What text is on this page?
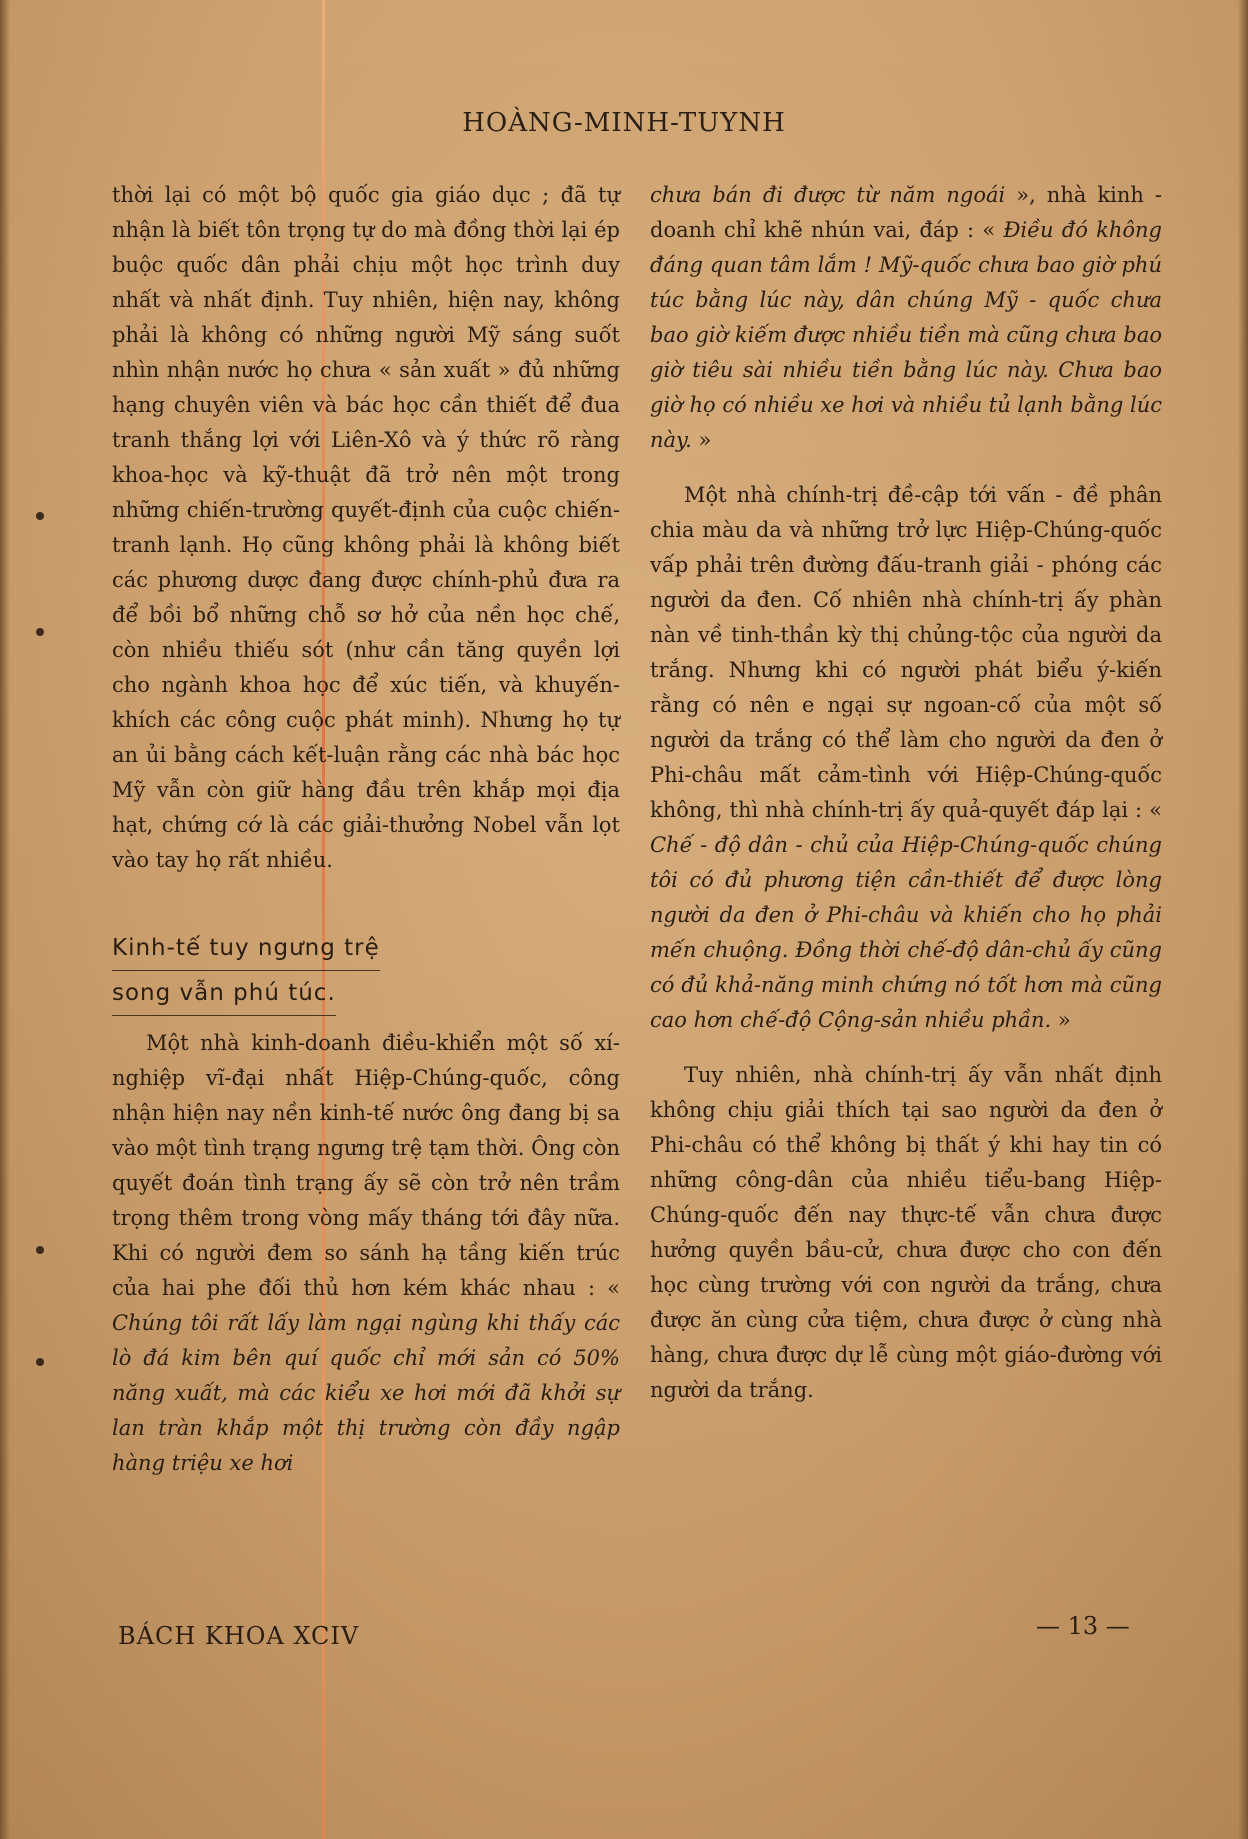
HOÀNG-MINH-TUYNH

thời lại có một bộ quốc gia giáo dục ; đã tự nhận là biết tôn trọng tự do mà đồng thời lại ép buộc quốc dân phải chịu một học trình duy nhất và nhất định. Tuy nhiên, hiện nay, không phải là không có những người Mỹ sáng suốt nhìn nhận nước họ chưa « sản xuất » đủ những hạng chuyên viên và bác học cần thiết để đua tranh thắng lợi với Liên-Xô và ý thức rõ ràng khoa-học và kỹ-thuật đã trở nên một trong những chiến-trường quyết-định của cuộc chiến-tranh lạnh. Họ cũng không phải là không biết các phương dược đang được chính-phủ đưa ra để bồi bổ những chỗ sơ hở của nền học chế, còn nhiều thiếu sót (như cần tăng quyền lợi cho ngành khoa học để xúc tiến, và khuyến-khích các công cuộc phát minh). Nhưng họ tự an ủi bằng cách kết-luận rằng các nhà bác học Mỹ vẫn còn giữ hàng đầu trên khắp mọi địa hạt, chứng cớ là các giải-thưởng Nobel vẫn lọt vào tay họ rất nhiều.

Kinh-tế tuy ngưng trệ
song vẫn phú túc.

Một nhà kinh-doanh điều-khiển một số xí-nghiệp vĩ-đại nhất Hiệp-Chúng-quốc, công nhận hiện nay nền kinh-tế nước ông đang bị sa vào một tình trạng ngưng trệ tạm thời. Ông còn quyết đoán tình trạng ấy sẽ còn trở nên trầm trọng thêm trong vòng mấy tháng tới đây nữa. Khi có người đem so sánh hạ tầng kiến trúc của hai phe đối thủ hơn kém khác nhau : « Chúng tôi rất lấy làm ngại ngùng khi thấy các lò đá kim bên quí quốc chỉ mới sản có 50% năng xuất, mà các kiểu xe hơi mới đã khởi sự lan tràn khắp một thị trường còn đầy ngập hàng triệu xe hơi

chưa bán đi được từ năm ngoái », nhà kinh - doanh chỉ khẽ nhún vai, đáp : « Điều đó không đáng quan tâm lắm ! Mỹ-quốc chưa bao giờ phú túc bằng lúc này, dân chúng Mỹ - quốc chưa bao giờ kiếm được nhiều tiền mà cũng chưa bao giờ tiêu sài nhiều tiền bằng lúc này. Chưa bao giờ họ có nhiều xe hơi và nhiều tủ lạnh bằng lúc này. »

Một nhà chính-trị đề-cập tới vấn - đề phân chia màu da và những trở lực Hiệp-Chúng-quốc vấp phải trên đường đấu-tranh giải - phóng các người da đen. Cố nhiên nhà chính-trị ấy phàn nàn về tinh-thần kỳ thị chủng-tộc của người da trắng. Nhưng khi có người phát biểu ý-kiến rằng có nên e ngại sự ngoan-cố của một số người da trắng có thể làm cho người da đen ở Phi-châu mất cảm-tình với Hiệp-Chúng-quốc không, thì nhà chính-trị ấy quả-quyết đáp lại : « Chế - độ dân - chủ của Hiệp-Chúng-quốc chúng tôi có đủ phương tiện cần-thiết để được lòng người da đen ở Phi-châu và khiến cho họ phải mến chuộng. Đồng thời chế-độ dân-chủ ấy cũng có đủ khả-năng minh chứng nó tốt hơn mà cũng cao hơn chế-độ Cộng-sản nhiều phần. »

Tuy nhiên, nhà chính-trị ấy vẫn nhất định không chịu giải thích tại sao người da đen ở Phi-châu có thể không bị thất ý khi hay tin có những công-dân của nhiều tiểu-bang Hiệp-Chúng-quốc đến nay thực-tế vẫn chưa được hưởng quyền bầu-cử, chưa được cho con đến học cùng trường với con người da trắng, chưa được ăn cùng cửa tiệm, chưa được ở cùng nhà hàng, chưa được dự lễ cùng một giáo-đường với người da trắng.

BÁCH KHOA XCIV	— 13 —
